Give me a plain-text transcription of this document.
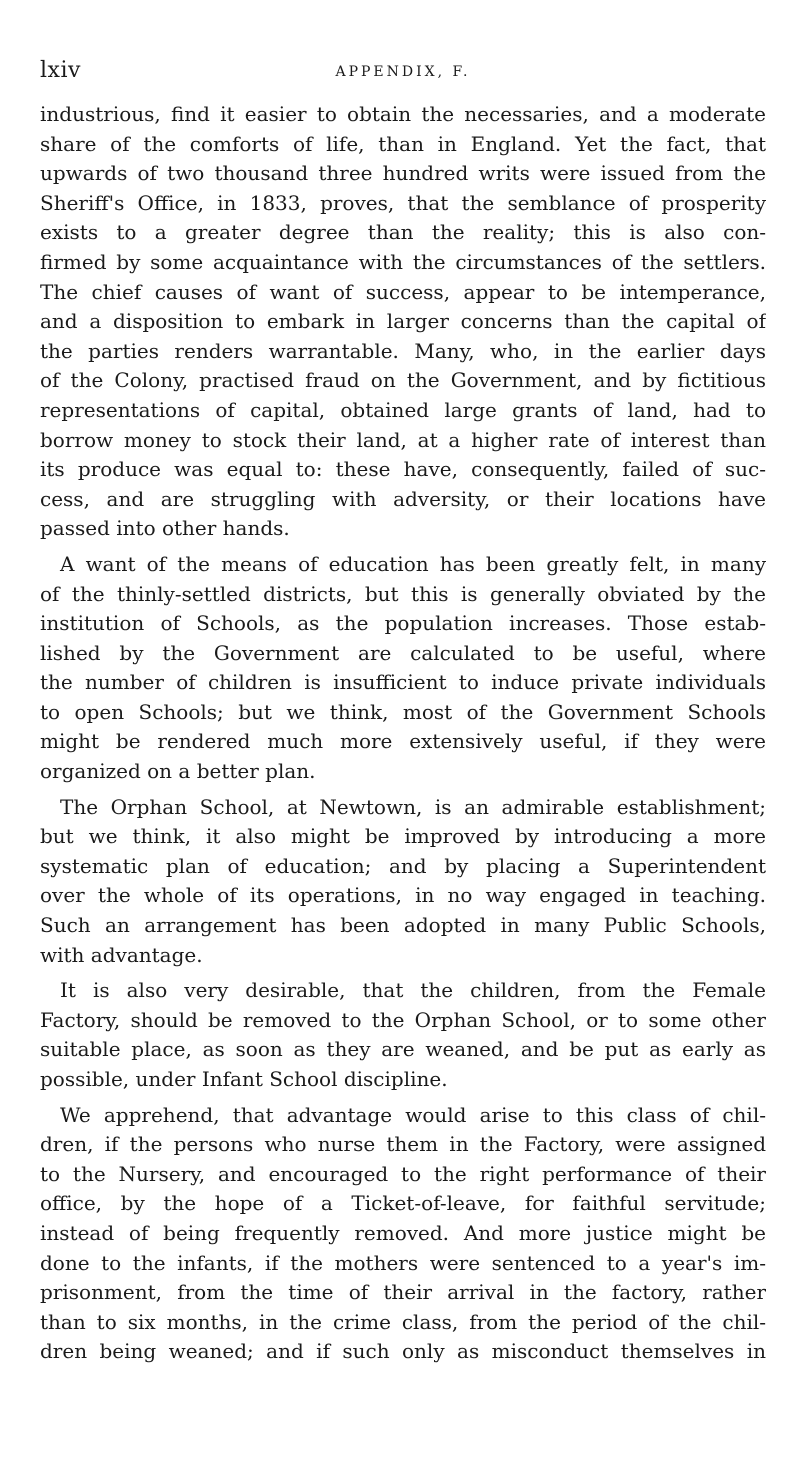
lxiv	APPENDIX, F.
industrious, find it easier to obtain the necessaries, and a moderate
share of the comforts of life, than in England. Yet the fact, that
upwards of two thousand three hundred writs were issued from the
Sheriff's Office, in 1833, proves, that the semblance of prosperity
exists to a greater degree than the reality; this is also con-
firmed by some acquaintance with the circumstances of the settlers.
The chief causes of want of success, appear to be intemperance,
and a disposition to embark in larger concerns than the capital of
the parties renders warrantable. Many, who, in the earlier days
of the Colony, practised fraud on the Government, and by fictitious
representations of capital, obtained large grants of land, had to
borrow money to stock their land, at a higher rate of interest than
its produce was equal to: these have, consequently, failed of suc-
cess, and are struggling with adversity, or their locations have
passed into other hands.
A want of the means of education has been greatly felt, in many
of the thinly-settled districts, but this is generally obviated by the
institution of Schools, as the population increases. Those estab-
lished by the Government are calculated to be useful, where
the number of children is insufficient to induce private individuals
to open Schools; but we think, most of the Government Schools
might be rendered much more extensively useful, if they were
organized on a better plan.
The Orphan School, at Newtown, is an admirable establishment;
but we think, it also might be improved by introducing a more
systematic plan of education; and by placing a Superintendent
over the whole of its operations, in no way engaged in teaching.
Such an arrangement has been adopted in many Public Schools,
with advantage.
It is also very desirable, that the children, from the Female
Factory, should be removed to the Orphan School, or to some other
suitable place, as soon as they are weaned, and be put as early as
possible, under Infant School discipline.
We apprehend, that advantage would arise to this class of chil-
dren, if the persons who nurse them in the Factory, were assigned
to the Nursery, and encouraged to the right performance of their
office, by the hope of a Ticket-of-leave, for faithful servitude;
instead of being frequently removed. And more justice might be
done to the infants, if the mothers were sentenced to a year's im-
prisonment, from the time of their arrival in the factory, rather
than to six months, in the crime class, from the period of the chil-
dren being weaned; and if such only as misconduct themselves in
